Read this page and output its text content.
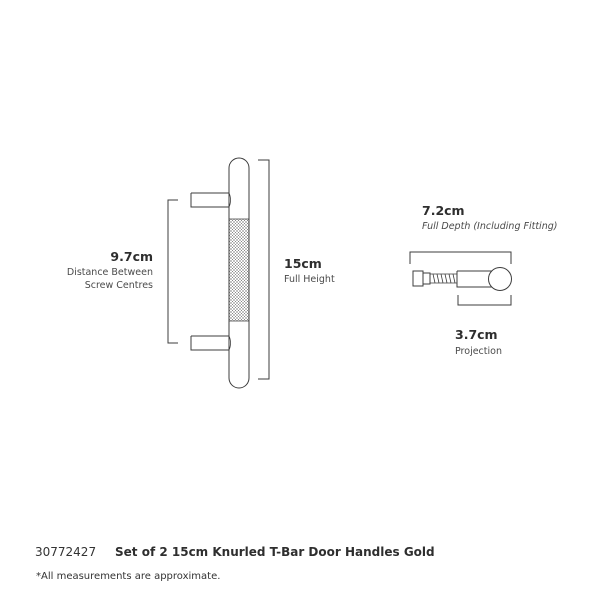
9.7cm
Distance Between
Screw Centres
15cm
Full Height
7.2cm
Full Depth (Including Fitting)
3.7cm
Projection
30772427 Set of 2 15cm Knurled T-Bar Door Handles Gold
*All measurements are approximate.
